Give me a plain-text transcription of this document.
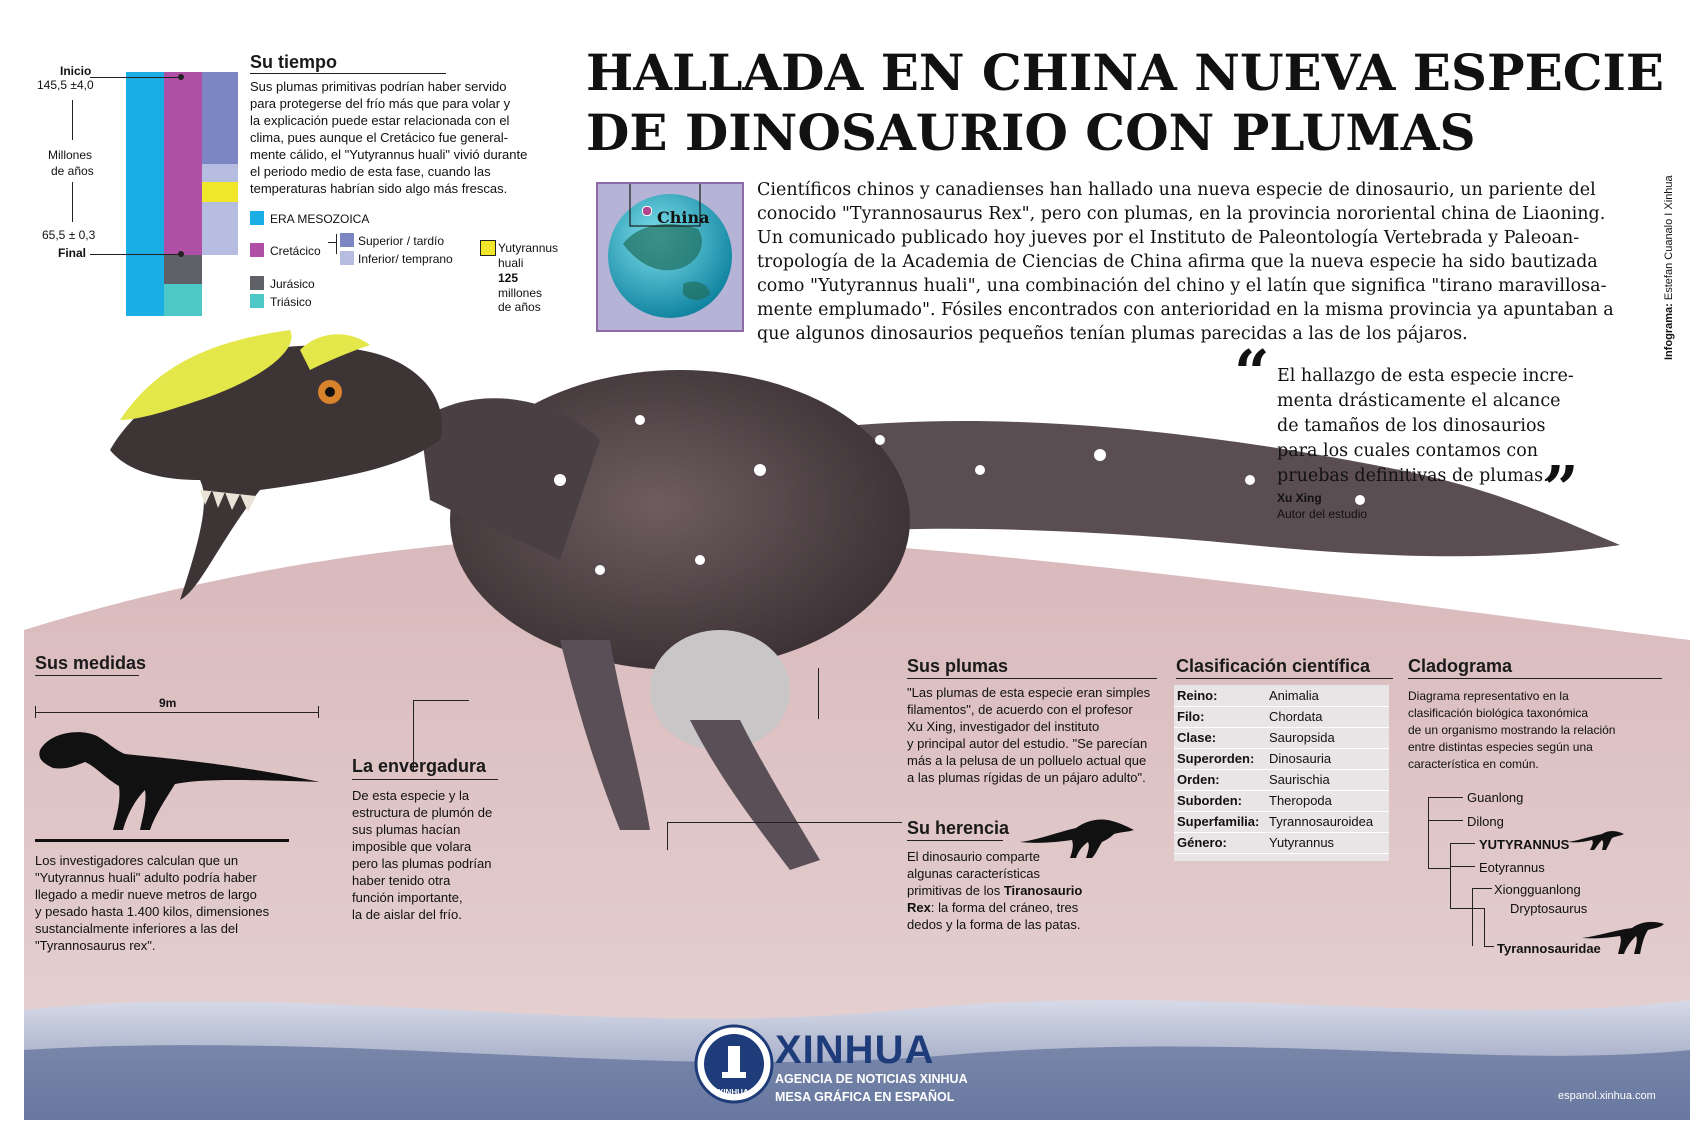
Inicio
145,5 ±4,0
Millones
de años
65,5 ± 0,3
Final
Su tiempo
Sus plumas primitivas podrían haber servido
para protegerse del frío más que para volar y
la explicación puede estar relacionada con el
clima, pues aunque el Cretácico fue general-
mente cálido, el "Yutyrannus huali" vivió durante
el periodo medio de esta fase, cuando las
temperaturas habrían sido algo más frescas.
ERA MESOZOICA
Cretácico
Superior / tardío
Inferior/ temprano
Jurásico
Triásico
Yutyrannus
huali
125
millones
de años
HALLADA EN CHINA NUEVA ESPECIE
DE DINOSAURIO CON PLUMAS
China
Científicos chinos y canadienses han hallado una nueva especie de dinosaurio, un pariente del
conocido "Tyrannosaurus Rex", pero con plumas, en la provincia nororiental china de Liaoning.
Un comunicado publicado hoy jueves por el Instituto de Paleontología Vertebrada y Paleoan-
tropología de la Academia de Ciencias de China afirma que la nueva especie ha sido bautizada
como "Yutyrannus huali", una combinación del chino y el latín que significa "tirano maravillosa-
mente emplumado". Fósiles encontrados con anterioridad en la misma provincia ya apuntaban a
que algunos dinosaurios pequeños tenían plumas parecidas a las de los pájaros.	Infograma: Estefan Cuanalo I Xinhua
“ El hallazgo de esta especie incre-
menta drásticamente el alcance
de tamaños de los dinosaurios
para los cuales contamos con
pruebas definitivas de plumas.
”
Xu Xing
Autor del estudio
Sus medidas
9m
Los investigadores calculan que un
"Yutyrannus huali" adulto podría haber
llegado a medir nueve metros de largo
y pesado hasta 1.400 kilos, dimensiones
sustancialmente inferiores a las del
"Tyrannosaurus rex".
La envergadura
De esta especie y la
estructura de plumón de
sus plumas hacían
imposible que volara
pero las plumas podrían
haber tenido otra
función importante,
la de aislar del frío.
Sus plumas
"Las plumas de esta especie eran simples
filamentos", de acuerdo con el profesor
Xu Xing, investigador del instituto
y principal autor del estudio. "Se parecían
más a la pelusa de un polluelo actual que
a las plumas rígidas de un pájaro adulto".
Su herencia
El dinosaurio comparte
algunas características
primitivas de los Tiranosaurio
Rex: la forma del cráneo, tres
dedos y la forma de las patas.
Clasificación científica
Reino:	Animalia
Filo:	Chordata
Clase:	Sauropsida
Superorden: Dinosauria
Orden:	Saurischia
Suborden: Theropoda
Superfamilia: Tyrannosauroidea
Género:	Yutyrannus
Cladograma
Diagrama representativo en la
clasificación biológica taxonómica
de un organismo mostrando la relación
entre distintas especies según una
característica en común.
Guanlong
Dilong
YUTYRANNUS
Eotyrannus
Xiongguanlong
Dryptosaurus
Tyrannosauridae
XINHUA
XINHUA
AGENCIA DE NOTICIAS XINHUA
MESA GRÁFICA EN ESPAÑOL	espanol.xinhua.com
